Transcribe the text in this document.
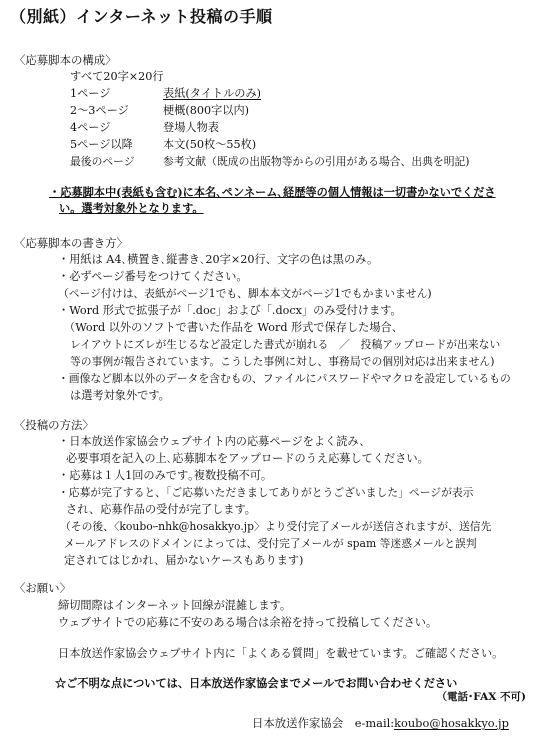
（別紙）インターネット投稿の手順
〈応募脚本の構成〉
すべて20字×20行
1ページ	表紙(タイトルのみ)
2～3ページ	梗概(800字以内)
4ページ	登場人物表
5ページ以降	本文(50枚～55枚)
最後のページ	参考文献（既成の出版物等からの引用がある場合、出典を明記)
・応募脚本中(表紙も含む)に本名､ペンネーム､経歴等の個人情報は一切書かないでくださ
い。選考対象外となります。
〈応募脚本の書き方〉
・用紙は A4､横置き､縦書き､20字×20行、文字の色は黒のみ。
・必ずページ番号をつけてください。
（ページ付けは、表紙がページ1でも、脚本本文がページ1でもかまいません)
・Word 形式で拡張子が「.doc」および「.docx」のみ受付けます。
（Word 以外のソフトで書いた作品を Word 形式で保存した場合、
レイアウトにズレが生じるなど設定した書式が崩れる　／　投稿アップロードが出来ない
等の事例が報告されています。こうした事例に対し、事務局での個別対応は出来ません)
・画像など脚本以外のデータを含むもの、ファイルにパスワードやマクロを設定しているもの
は選考対象外です。
〈投稿の方法〉
・日本放送作家協会ウェブサイト内の応募ページをよく読み、
必要事項を記入の上､応募脚本をアップロードのうえ応募してください。
・応募は１人1回のみです｡複数投稿不可。
・応募が完了すると、「ご応募いただきましてありがとうございました」ページが表示
され、応募作品の受付が完了します。
（その後、〈kouboｰnhk@hosakkyo.jp〉より受付完了メールが送信されますが、送信先
メールアドレスのドメインによっては、受付完了メールが spam 等迷惑メールと誤判
定されてはじかれ、届かないケースもあります)
〈お願い〉
締切間際はインターネット回線が混雑します。
ウェブサイトでの応募に不安のある場合は余裕を持って投稿してください。
日本放送作家協会ウェブサイト内に「よくある質問」を載せています。ご確認ください。
☆ご不明な点については、日本放送作家協会までメールでお問い合わせください
（電話･FAX 不可)
日本放送作家協会 e-mail:koubo@hosakkyo.jp
